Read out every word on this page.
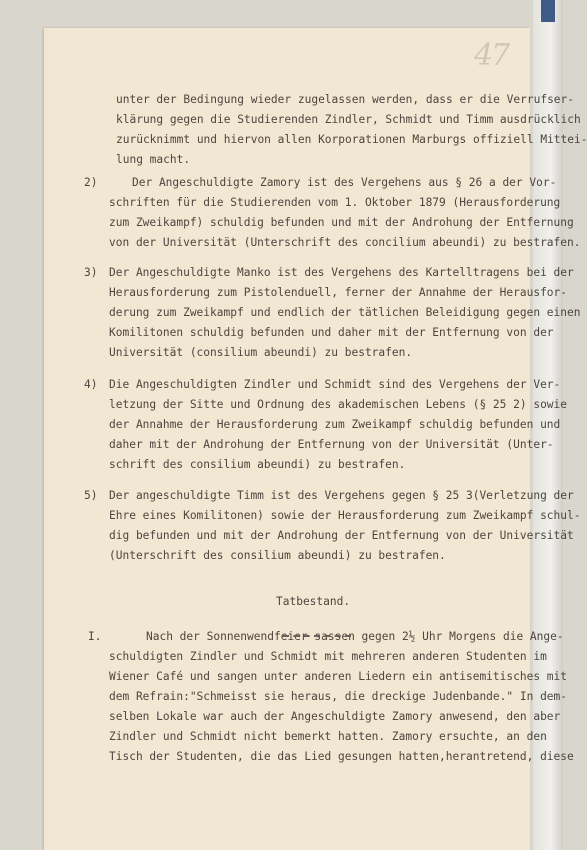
47
unter der Bedingung wieder zugelassen werden, dass er die Verrufser-
klärung gegen die Studierenden Zindler, Schmidt und Timm ausdrücklich
zurücknimmt und hiervon allen Korporationen Marburgs offiziell Mittei-
lung macht.
2)	Der Angeschuldigte Zamory ist des Vergehens aus § 26 a der Vor-
schriften für die Studierenden vom 1. Oktober 1879 (Herausforderung
zum Zweikampf) schuldig befunden und mit der Androhung der Entfernung
von der Universität (Unterschrift des concilium abeundi) zu bestrafen.
3) Der Angeschuldigte Manko ist des Vergehens des Kartelltragens bei der
Herausforderung zum Pistolenduell, ferner der Annahme der Herausfor-
derung zum Zweikampf und endlich der tätlichen Beleidigung gegen einen
Komilitonen schuldig befunden und daher mit der Entfernung von der
Universität (consilium abeundi) zu bestrafen.
4) Die Angeschuldigten Zindler und Schmidt sind des Vergehens der Ver-
letzung der Sitte und Ordnung des akademischen Lebens (§ 25 2) sowie
der Annahme der Herausforderung zum Zweikampf schuldig befunden und
daher mit der Androhung der Entfernung von der Universität (Unter-
schrift des consilium abeundi) zu bestrafen.
5) Der angeschuldigte Timm ist des Vergehens gegen § 25 3(Verletzung der
Ehre eines Komilitonen) sowie der Herausforderung zum Zweikampf schul-
dig befunden und mit der Androhung der Entfernung von der Universität
(Unterschrift des consilium abeundi) zu bestrafen.
Tatbestand.
I.	Nach der Sonnenwendfeier sassen gegen 2½ Uhr Morgens die Ange-
schuldigten Zindler und Schmidt mit mehreren anderen Studenten im
Wiener Café und sangen unter anderen Liedern ein antisemitisches mit
dem Refrain:"Schmeisst sie heraus, die dreckige Judenbande." In dem-
selben Lokale war auch der Angeschuldigte Zamory anwesend, den aber
Zindler und Schmidt nicht bemerkt hatten. Zamory ersuchte, an den
Tisch der Studenten, die das Lied gesungen hatten,herantretend, diese
